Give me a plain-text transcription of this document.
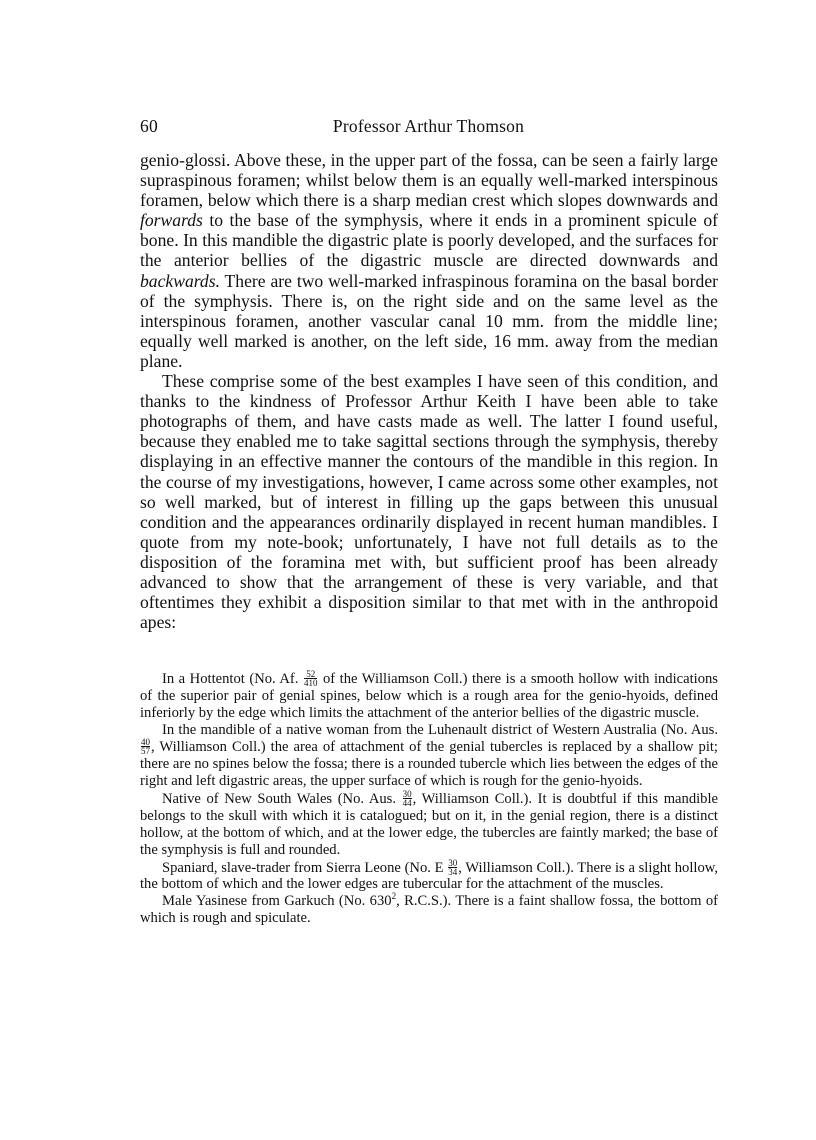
60	Professor Arthur Thomson

genio-glossi. Above these, in the upper part of the fossa, can be seen a fairly large supraspinous foramen; whilst below them is an equally well-marked interspinous foramen, below which there is a sharp median crest which slopes downwards and forwards to the base of the symphysis, where it ends in a prominent spicule of bone. In this mandible the digastric plate is poorly developed, and the surfaces for the anterior bellies of the digastric muscle are directed downwards and backwards. There are two well-marked infraspinous foramina on the basal border of the symphysis. There is, on the right side and on the same level as the interspinous foramen, another vascular canal 10 mm. from the middle line; equally well marked is another, on the left side, 16 mm. away from the median plane.

These comprise some of the best examples I have seen of this condition, and thanks to the kindness of Professor Arthur Keith I have been able to take photographs of them, and have casts made as well. The latter I found useful, because they enabled me to take sagittal sections through the symphysis, thereby displaying in an effective manner the contours of the mandible in this region. In the course of my investigations, however, I came across some other examples, not so well marked, but of interest in filling up the gaps between this unusual condition and the appearances ordinarily displayed in recent human mandibles. I quote from my note-book; unfortunately, I have not full details as to the disposition of the foramina met with, but sufficient proof has been already advanced to show that the arrangement of these is very variable, and that oftentimes they exhibit a disposition similar to that met with in the anthropoid apes:

In a Hottentot (No. Af. $\frac{52}{410}$ of the Williamson Coll.) there is a smooth hollow with indications of the superior pair of genial spines, below which is a rough area for the genio-hyoids, defined inferiorly by the edge which limits the attachment of the anterior bellies of the digastric muscle.

In the mandible of a native woman from the Luhenault district of Western Australia (No. Aus.
$\frac{40}{57}$ , Williamson Coll.) the area of attachment of the genial tubercles is replaced by a shallow pit; there are no spines below the fossa; there is a rounded tubercle which lies between the edges of the right and left digastric areas, the upper surface of which is rough for the genio-hyoids.

Native of New South Wales (No. Aus. $\frac{30}{44}$ , Williamson Coll.). It is doubtful if this mandible belongs to the skull with which it is catalogued; but on it, in the genial region, there is a distinct hollow, at the bottom of which, and at the lower edge, the tubercles are faintly marked; the base of the symphysis is full and rounded.

Spaniard, slave-trader from Sierra Leone (No. E $\frac{30}{34}$ , Williamson Coll.). There is a slight hollow, the bottom of which and the lower edges are tubercular for the attachment of the muscles.

Male Yasinese from Garkuch (No. $630^2$, R.C.S.). There is a faint shallow fossa, the bottom of which is rough and spiculate.
